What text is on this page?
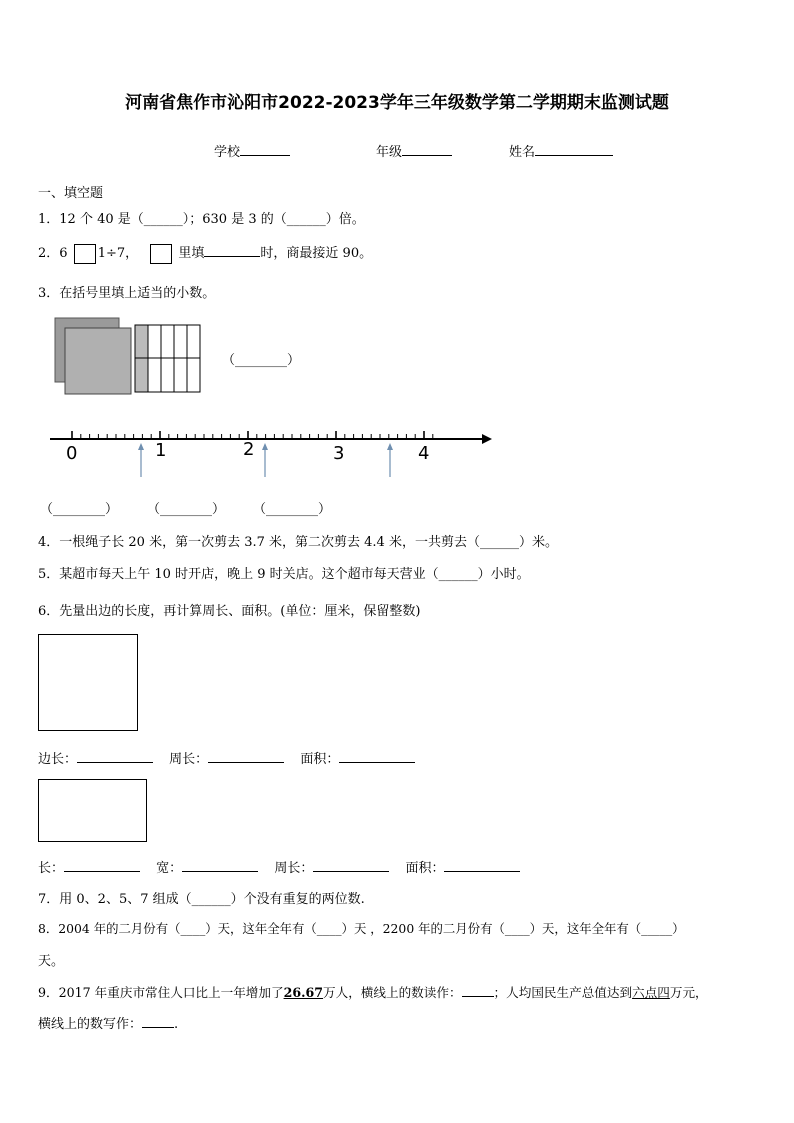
河南省焦作市沁阳市2022-2023学年三年级数学第二学期期末监测试题
学校	年级	姓名
一、填空题
1．12 个 40 是（______）；630 是 3 的（______）倍。
2．6 1÷7，	里填	时，商最接近 90。
3．在括号里填上适当的小数。
（________）
0	1	2	3	4
（________） （________） （________）
4．一根绳子长 20 米，第一次剪去 3.7 米，第二次剪去 4.4 米，一共剪去（______）米。
5．某超市每天上午 10 时开店，晚上 9 时关店。这个超市每天营业（______）小时。
6．先量出边的长度，再计算周长、面积。(单位：厘米，保留整数)
边长：	周长：	面积：
长：	宽：	周长：	面积：
7．用 0、2、5、7 组成（______）个没有重复的两位数.
8．2004 年的二月份有（____）天，这年全年有（____）天 ，2200 年的二月份有（____）天，这年全年有（_____）
天。
9．2017 年重庆市常住人口比上一年增加了26.67万人，横线上的数读作：	；人均国民生产总值达到六点四万元，
横线上的数写作： .
